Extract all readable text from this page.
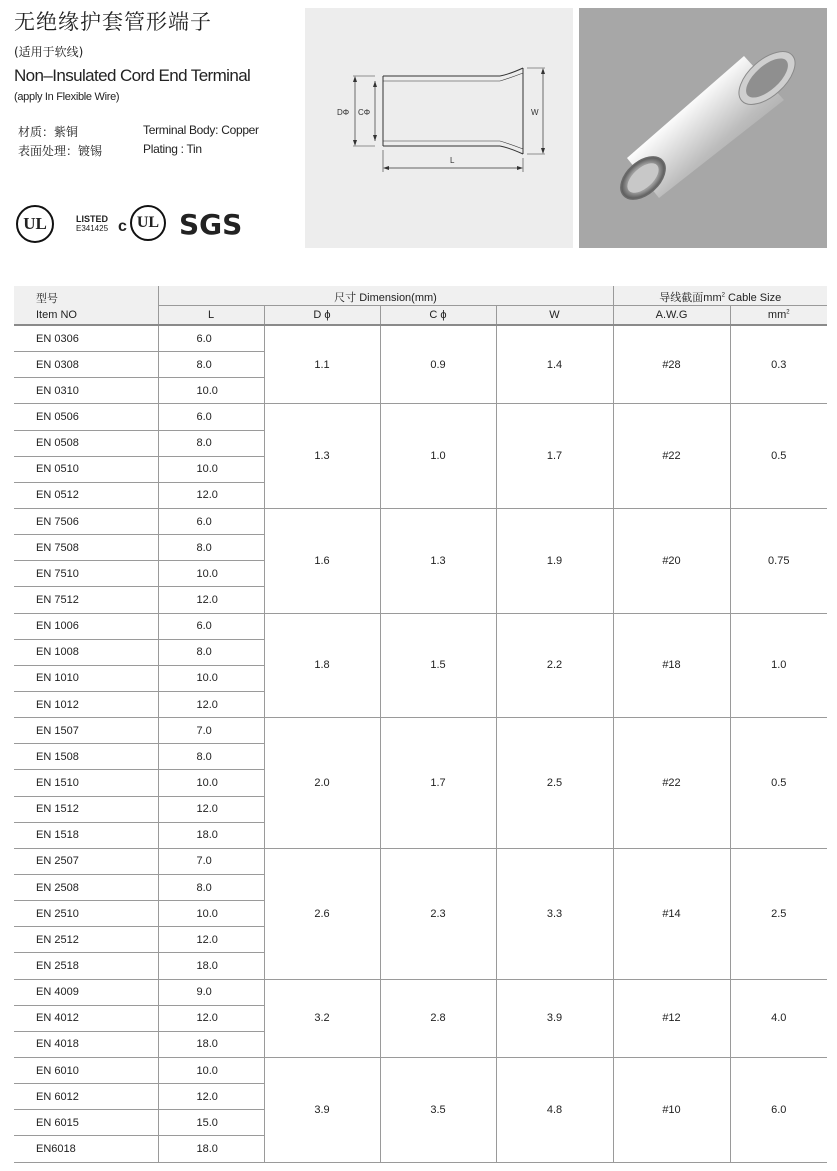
无绝缘护套管形端子
(适用于软线)
Non–Insulated Cord End Terminal
(apply In Flexible Wire)
材质：紫铜	Terminal Body: Copper
表面处理：镀锡	Plating : Tin
UL	LISTED
E341425 c UL SGS
DΦ CΦ	W
L
型号	尺寸 Dimension(mm)				导线截面$mm^2$ Cable Size	
Item NO	L	D ϕ	C ϕ	W	A.W.G	$mm^2$
EN 0306	6.0	1.1	0.9	1.4	#28	0.3
EN 0308	8.0					
EN 0310	10.0					
EN 0506	6.0	1.3	1.0	1.7	#22	0.5
EN 0508	8.0					
EN 0510	10.0					
EN 0512	12.0					
EN 7506	6.0	1.6	1.3	1.9	#20	0.75
EN 7508	8.0					
EN 7510	10.0					
EN 7512	12.0					
EN 1006	6.0	1.8	1.5	2.2	#18	1.0
EN 1008	8.0					
EN 1010	10.0					
EN 1012	12.0					
EN 1507	7.0	2.0	1.7	2.5	#22	0.5
EN 1508	8.0					
EN 1510	10.0					
EN 1512	12.0					
EN 1518	18.0					
EN 2507	7.0	2.6	2.3	3.3	#14	2.5
EN 2508	8.0					
EN 2510	10.0					
EN 2512	12.0					
EN 2518	18.0					
EN 4009	9.0	3.2	2.8	3.9	#12	4.0
EN 4012	12.0					
EN 4018	18.0					
EN 6010	10.0	3.9	3.5	4.8	#10	6.0
EN 6012	12.0					
EN 6015	15.0					
EN6018	18.0					
